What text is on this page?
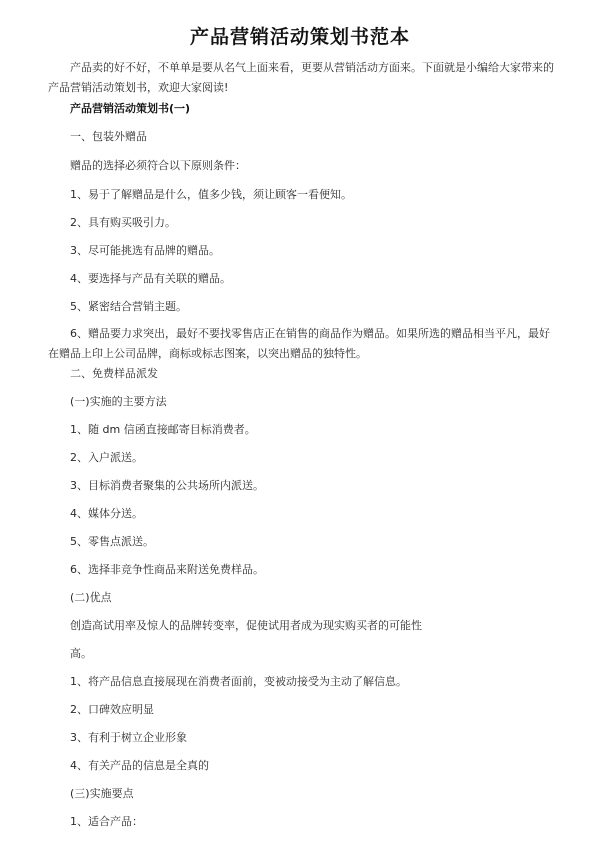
产品营销活动策划书范本
产品卖的好不好，不单单是要从名气上面来看，更要从营销活动方面来。下面就是小编给大家带来的产品营销活动策划书，欢迎大家阅读!
产品营销活动策划书(一)
一、包装外赠品
赠品的选择必须符合以下原则条件：
1、易于了解赠品是什么，值多少钱，须让顾客一看便知。
2、具有购买吸引力。
3、尽可能挑选有品牌的赠品。
4、要选择与产品有关联的赠品。
5、紧密结合营销主题。
6、赠品要力求突出，最好不要找零售店正在销售的商品作为赠品。如果所选的赠品相当平凡，最好在赠品上印上公司品牌，商标或标志图案，以突出赠品的独特性。
二、免费样品派发
(一)实施的主要方法
1、随 dm 信函直接邮寄目标消费者。
2、入户派送。
3、目标消费者聚集的公共场所内派送。
4、媒体分送。
5、零售点派送。
6、选择非竞争性商品来附送免费样品。
(二)优点
创造高试用率及惊人的品牌转变率，促使试用者成为现实购买者的可能性
高。
1、将产品信息直接展现在消费者面前，变被动接受为主动了解信息。
2、口碑效应明显
3、有利于树立企业形象
4、有关产品的信息是全真的
(三)实施要点
1、适合产品：
